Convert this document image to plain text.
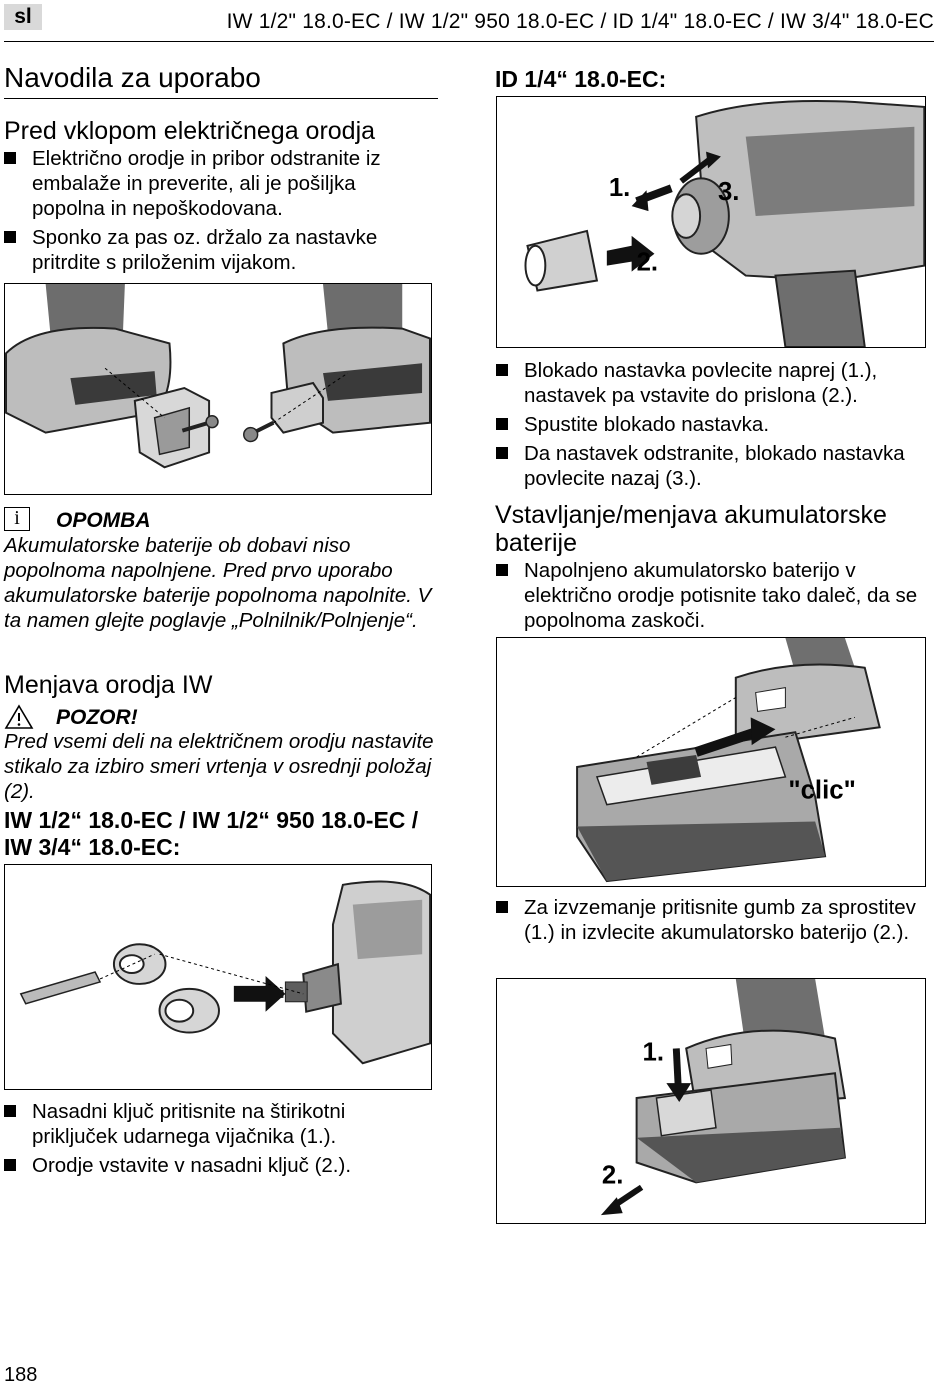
sl	IW 1/2" 18.0-EC / IW 1/2" 950 18.0-EC / ID 1/4" 18.0-EC / IW 3/4" 18.0-EC
Navodila za uporabo
Pred vklopom električnega orodja
Električno orodje in pribor odstranite iz embalaže in preverite, ali je pošiljka popolna in nepoškodovana.
Sponko za pas oz. držalo za nastavke pritrdite s priloženim vijakom.
i	OPOMBA
Akumulatorske baterije ob dobavi niso popolnoma napolnjene. Pred prvo uporabo akumulatorske baterije popolnoma napolnite. V ta namen glejte poglavje „Polnilnik/Polnjenje“.
Menjava orodja IW
POZOR!
Pred vsemi deli na električnem orodju nastavite stikalo za izbiro smeri vrtenja v osrednji položaj (2).
IW 1/2“ 18.0-EC / IW 1/2“ 950 18.0-EC / IW 3/4“ 18.0-EC:
Nasadni ključ pritisnite na štirikotni priključek udarnega vijačnika (1.).
Orodje vstavite v nasadni ključ (2.).
ID 1/4“ 18.0-EC:
1.
2.
3.
Blokado nastavka povlecite naprej (1.), nastavek pa vstavite do prislona (2.).
Spustite blokado nastavka.
Da nastavek odstranite, blokado nastavka povlecite nazaj (3.).
Vstavljanje/menjava akumulatorske baterije
Napolnjeno akumulatorsko baterijo v električno orodje potisnite tako daleč, da se popolnoma zaskoči.
"clic"
Za izvzemanje pritisnite gumb za sprostitev (1.) in izvlecite akumulatorsko baterijo (2.).
1.
2.
188
